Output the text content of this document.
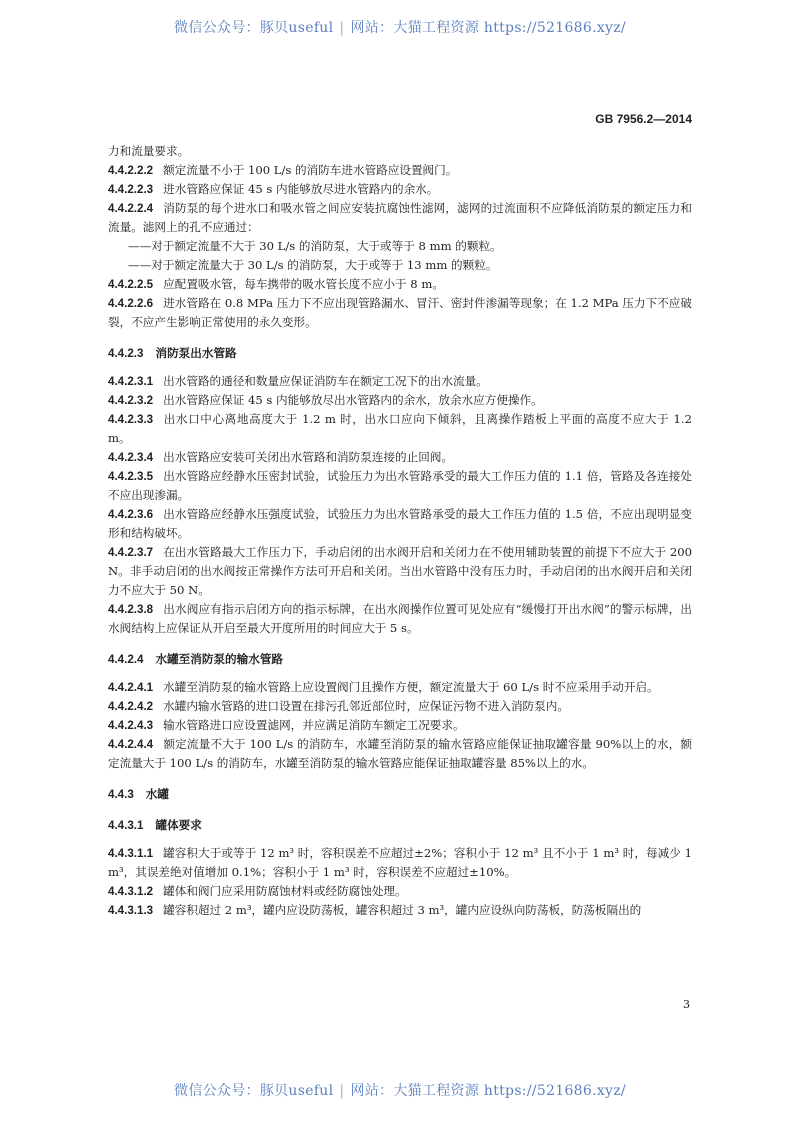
微信公众号：豚贝useful | 网站：大猫工程资源 https://521686.xyz/
GB 7956.2—2014

力和流量要求。

4.4.2.2.2 额定流量不小于 100 L/s 的消防车进水管路应设置阀门。

4.4.2.2.3 进水管路应保证 45 s 内能够放尽进水管路内的余水。

4.4.2.2.4 消防泵的每个进水口和吸水管之间应安装抗腐蚀性滤网，滤网的过流面积不应降低消防泵的额定压力和流量。滤网上的孔不应通过：

——对于额定流量不大于 30 L/s 的消防泵，大于或等于 8 mm 的颗粒。

——对于额定流量大于 30 L/s 的消防泵，大于或等于 13 mm 的颗粒。

4.4.2.2.5 应配置吸水管，每车携带的吸水管长度不应小于 8 m。

4.4.2.2.6 进水管路在 0.8 MPa 压力下不应出现管路漏水、冒汗、密封件渗漏等现象；在 1.2 MPa 压力下不应破裂，不应产生影响正常使用的永久变形。

4.4.2.3 消防泵出水管路

4.4.2.3.1 出水管路的通径和数量应保证消防车在额定工况下的出水流量。

4.4.2.3.2 出水管路应保证 45 s 内能够放尽出水管路内的余水，放余水应方便操作。

4.4.2.3.3 出水口中心离地高度大于 1.2 m 时，出水口应向下倾斜，且离操作踏板上平面的高度不应大于 1.2 m。

4.4.2.3.4 出水管路应安装可关闭出水管路和消防泵连接的止回阀。

4.4.2.3.5 出水管路应经静水压密封试验，试验压力为出水管路承受的最大工作压力值的 1.1 倍，管路及各连接处不应出现渗漏。

4.4.2.3.6 出水管路应经静水压强度试验，试验压力为出水管路承受的最大工作压力值的 1.5 倍，不应出现明显变形和结构破坏。

4.4.2.3.7 在出水管路最大工作压力下，手动启闭的出水阀开启和关闭力在不使用辅助装置的前提下不应大于 200 N。非手动启闭的出水阀按正常操作方法可开启和关闭。当出水管路中没有压力时，手动启闭的出水阀开启和关闭力不应大于 50 N。

4.4.2.3.8 出水阀应有指示启闭方向的指示标牌，在出水阀操作位置可见处应有“缓慢打开出水阀”的警示标牌，出水阀结构上应保证从开启至最大开度所用的时间应大于 5 s。

4.4.2.4 水罐至消防泵的输水管路

4.4.2.4.1 水罐至消防泵的输水管路上应设置阀门且操作方便，额定流量大于 60 L/s 时不应采用手动开启。

4.4.2.4.2 水罐内输水管路的进口设置在排污孔邻近部位时，应保证污物不进入消防泵内。

4.4.2.4.3 输水管路进口应设置滤网，并应满足消防车额定工况要求。

4.4.2.4.4 额定流量不大于 100 L/s 的消防车，水罐至消防泵的输水管路应能保证抽取罐容量 90%以上的水，额定流量大于 100 L/s 的消防车，水罐至消防泵的输水管路应能保证抽取罐容量 85%以上的水。

4.4.3 水罐

4.4.3.1 罐体要求

4.4.3.1.1 罐容积大于或等于 12 m³ 时，容积误差不应超过±2%；容积小于 12 m³ 且不小于 1 m³ 时，每减少 1 m³，其误差绝对值增加 0.1%；容积小于 1 m³ 时，容积误差不应超过±10%。

4.4.3.1.2 罐体和阀门应采用防腐蚀材料或经防腐蚀处理。

4.4.3.1.3 罐容积超过 2 m³，罐内应设防荡板，罐容积超过 3 m³，罐内应设纵向防荡板，防荡板隔出的

3
微信公众号：豚贝useful | 网站：大猫工程资源 https://521686.xyz/
